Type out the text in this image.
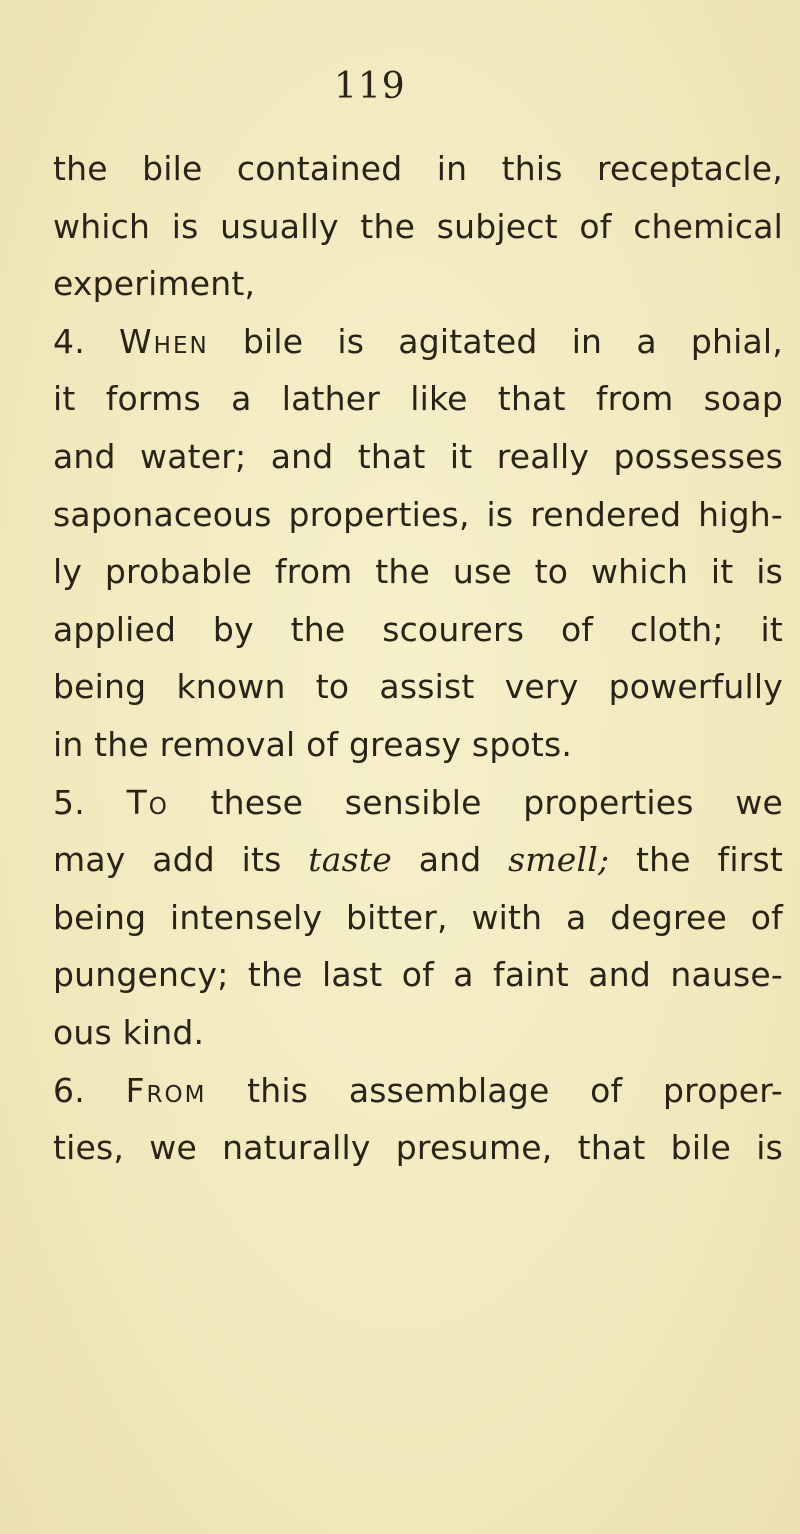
119
the bile contained in this receptacle,
which is usually the subject of chemical
experiment,
4. When bile is agitated in a phial,
it forms a lather like that from soap
and water; and that it really possesses
saponaceous properties, is rendered high-
ly probable from the use to which it is
applied by the scourers of cloth; it
being known to assist very powerfully
in the removal of greasy spots.
5. To these sensible properties we
may add its taste and smell; the first
being intensely bitter, with a degree of
pungency; the last of a faint and nause-
ous kind.
6. From this assemblage of proper-
ties, we naturally presume, that bile is
